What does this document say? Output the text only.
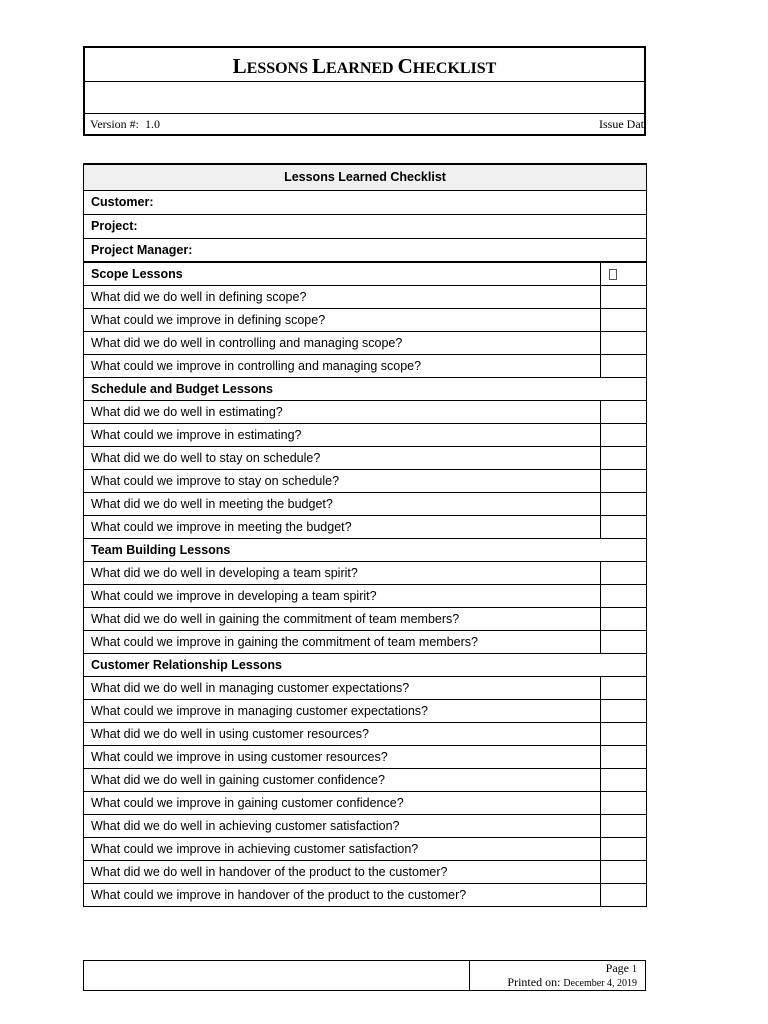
LESSONS LEARNED CHECKLIST
Version #:  1.0	Issue Dat
Lessons Learned Checklist	
Customer:	
Project:	
Project Manager:	
Scope Lessons	
What did we do well in defining scope?	
What could we improve in defining scope?	
What did we do well in controlling and managing scope?	
What could we improve in controlling and managing scope?	
Schedule and Budget Lessons	
What did we do well in estimating?	
What could we improve in estimating?	
What did we do well to stay on schedule?	
What could we improve to stay on schedule?	
What did we do well in meeting the budget?	
What could we improve in meeting the budget?	
Team Building Lessons	
What did we do well in developing a team spirit?	
What could we improve in developing a team spirit?	
What did we do well in gaining the commitment of team members?	
What could we improve in gaining the commitment of team members?	
Customer Relationship Lessons	
What did we do well in managing customer expectations?	
What could we improve in managing customer expectations?	
What did we do well in using customer resources?	
What could we improve in using customer resources?	
What did we do well in gaining customer confidence?	
What could we improve in gaining customer confidence?	
What did we do well in achieving customer satisfaction?	
What could we improve in achieving customer satisfaction?	
What did we do well in handover of the product to the customer?	
What could we improve in handover of the product to the customer?	
Page 1
Printed on: December 4, 2019
